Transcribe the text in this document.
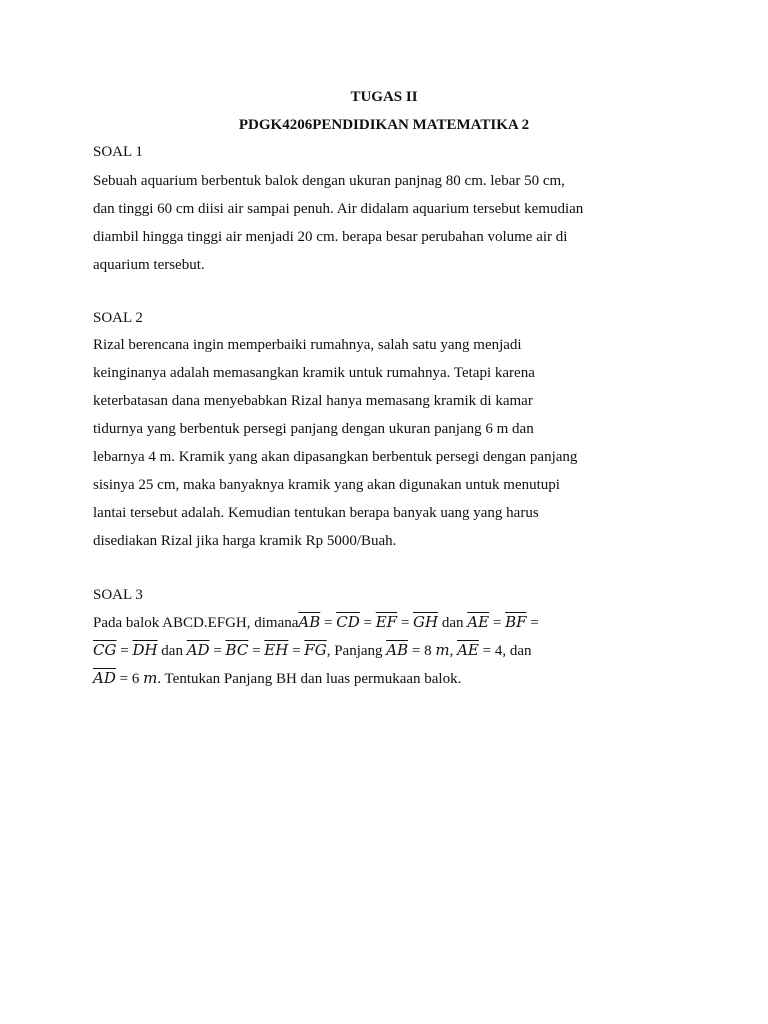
TUGAS II
PDGK4206PENDIDIKAN MATEMATIKA 2
SOAL 1
Sebuah aquarium berbentuk balok dengan ukuran panjnag 80 cm. lebar 50 cm,
dan tinggi 60 cm diisi air sampai penuh. Air didalam aquarium tersebut kemudian
diambil hingga tinggi air menjadi 20 cm. berapa besar perubahan volume air di
aquarium tersebut.
SOAL 2
Rizal berencana ingin memperbaiki rumahnya, salah satu yang menjadi
keinginanya adalah memasangkan kramik untuk rumahnya. Tetapi karena
keterbatasan dana menyebabkan Rizal hanya memasang kramik di kamar
tidurnya yang berbentuk persegi panjang dengan ukuran panjang 6 m dan
lebarnya 4 m. Kramik yang akan dipasangkan berbentuk persegi dengan panjang
sisinya 25 cm, maka banyaknya kramik yang akan digunakan untuk menutupi
lantai tersebut adalah. Kemudian tentukan berapa banyak uang yang harus
disediakan Rizal jika harga kramik Rp 5000/Buah.
SOAL 3
Pada balok ABCD.EFGH, $dimana\overline{AB} = \overline{CD} = \overline{EF} = \overline{GH}$ dan $\overline{AE} = \overline{BF}$ =
$\overline{CG} = \overline{DH}$ dan $\overline{AD} = \overline{BC} = \overline{EH} = \overline{FG}$, Panjang $\overline{AB} = 8$ m, $\overline{AE} = 4$, dan
$\overline{AD} = 6$ m. Tentukan Panjang BH dan luas permukaan balok.
